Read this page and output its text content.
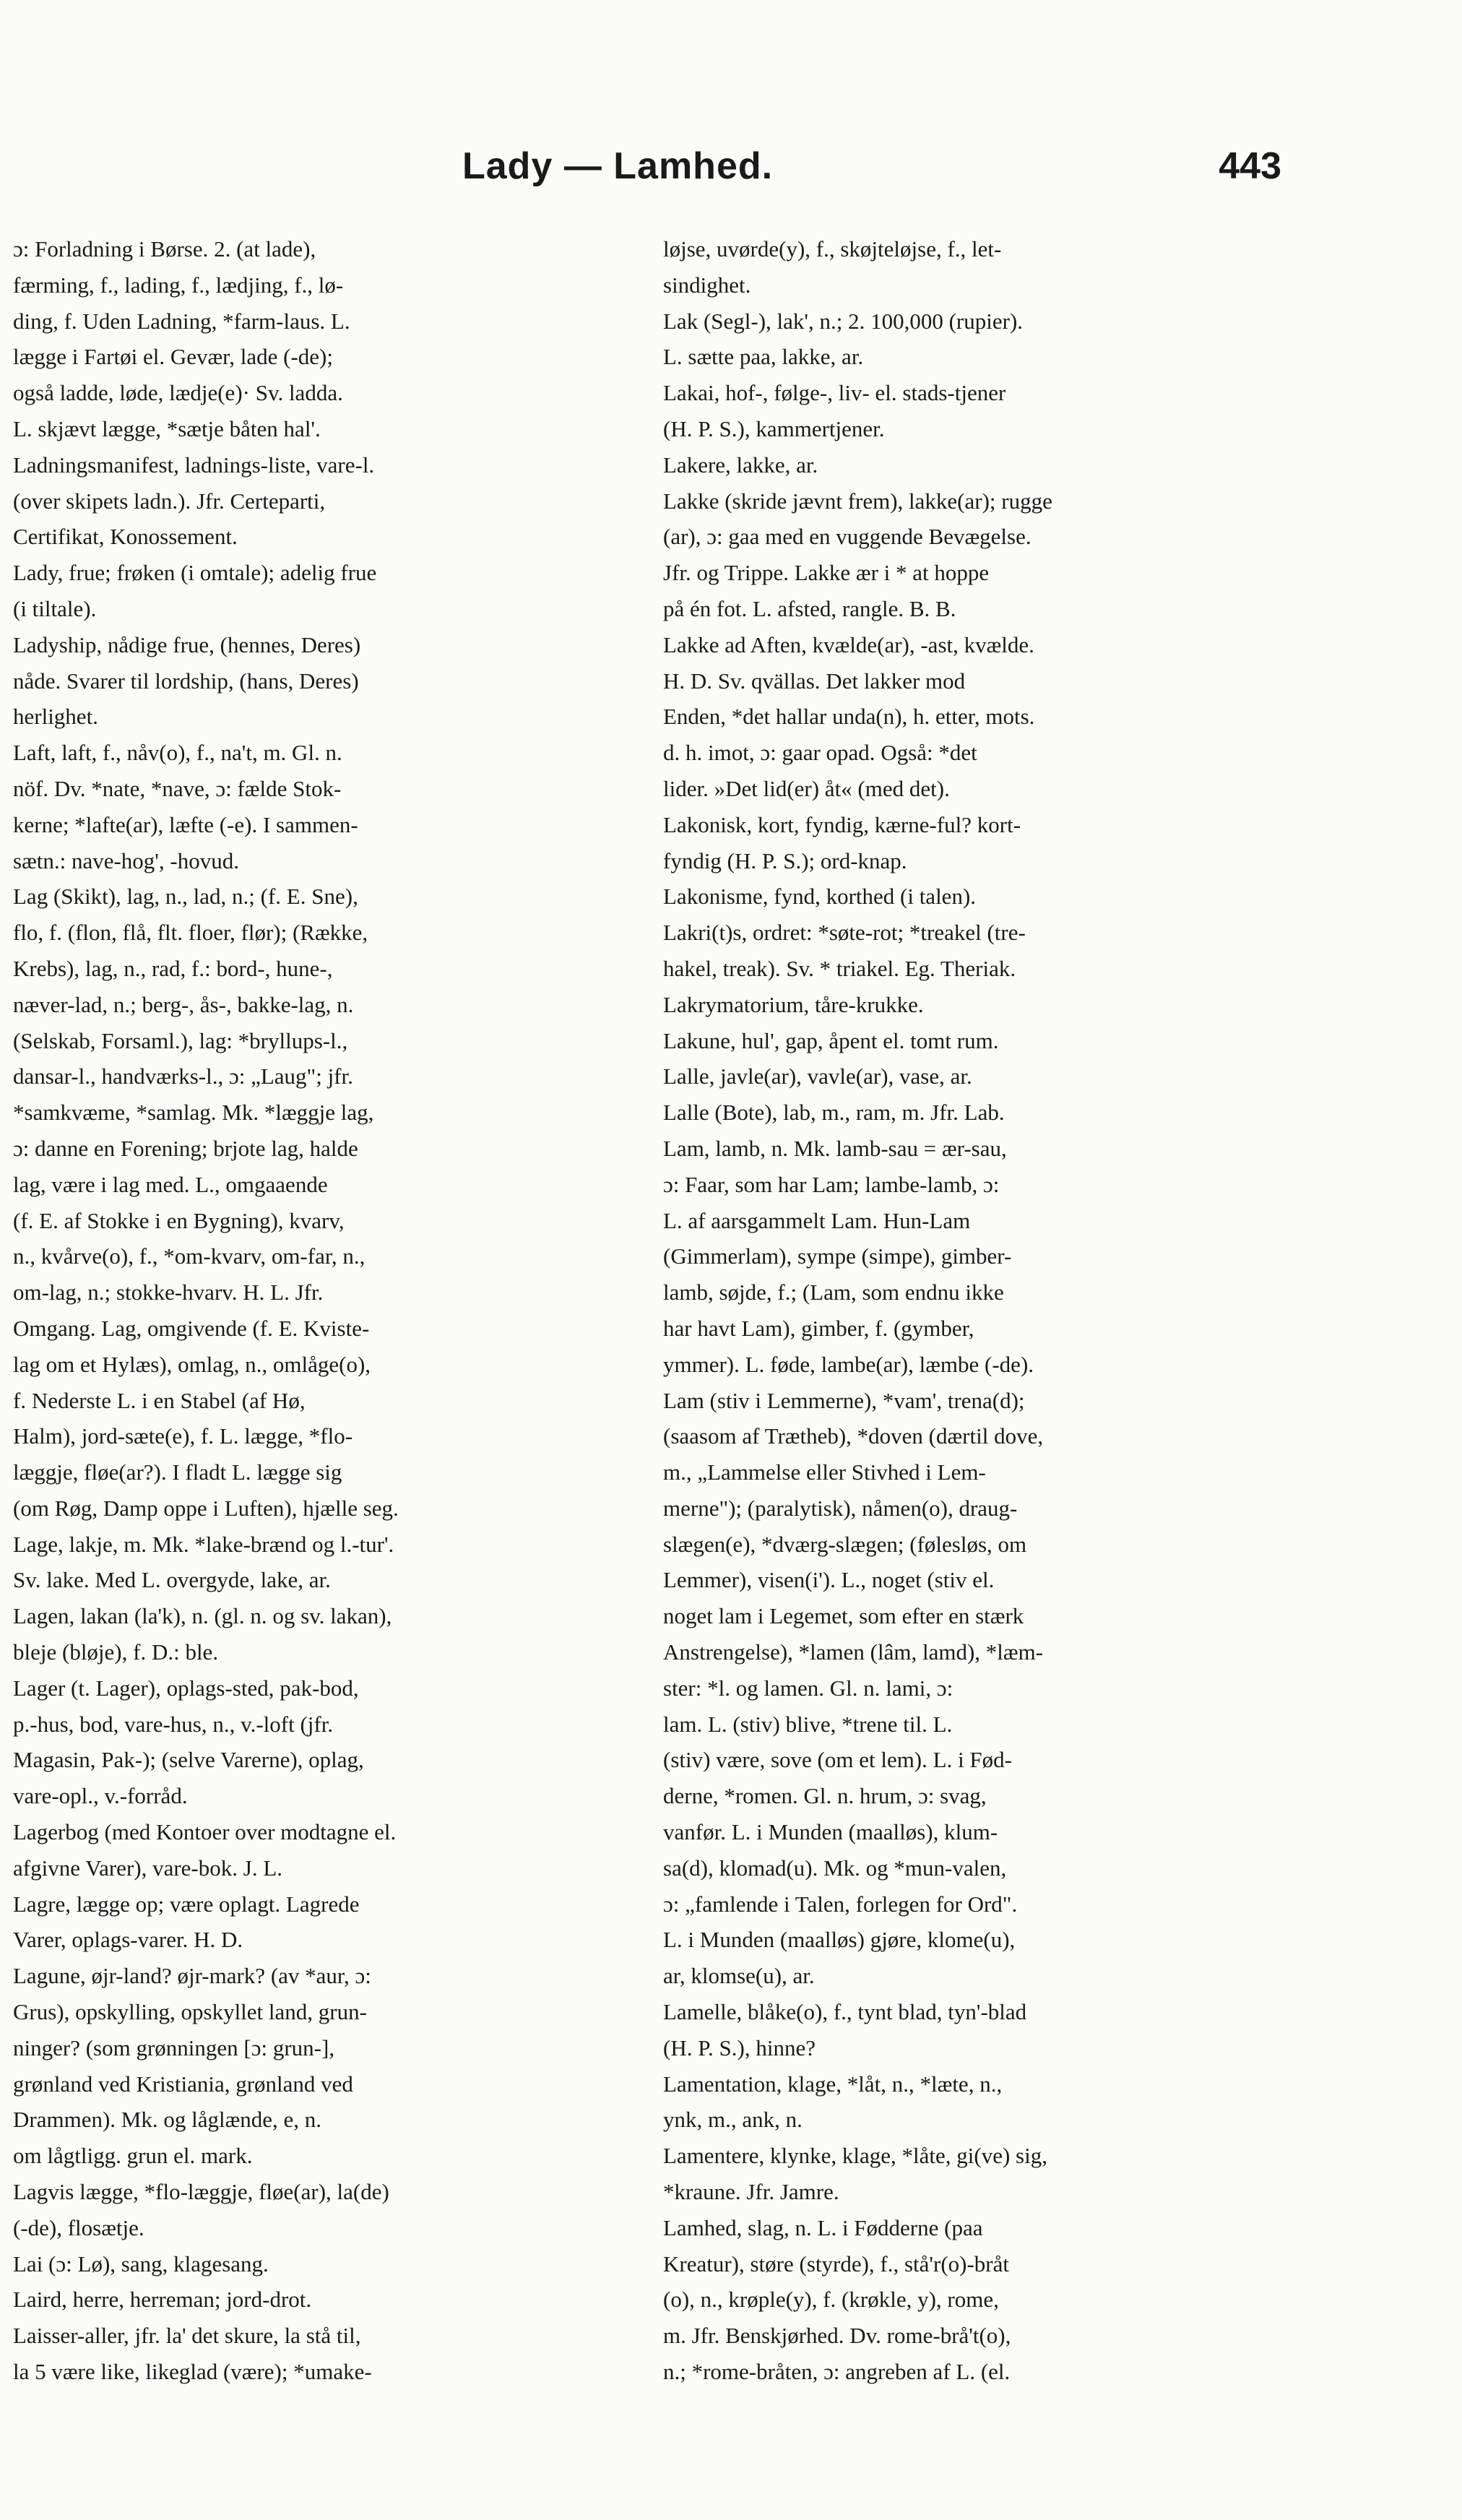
Lady — Lamhed.	443
ɔ: Forladning i Børse. 2. (at lade),
færming, f., lading, f., lædjing, f., lø-
ding, f. Uden Ladning, *farm-laus. L.
lægge i Fartøi el. Gevær, lade (-de);
også ladde, løde, lædje(e)· Sv. ladda.
L. skjævt lægge, *sætje båten hal'.
Ladningsmanifest, ladnings-liste, vare-l.
(over skipets ladn.). Jfr. Certeparti,
Certifikat, Konossement.
Lady, frue; frøken (i omtale); adelig frue
(i tiltale).
Ladyship, nådige frue, (hennes, Deres)
nåde. Svarer til lordship, (hans, Deres)
herlighet.
Laft, laft, f., nåv(o), f., na't, m. Gl. n.
nöf. Dv. *nate, *nave, ɔ: fælde Stok-
kerne; *lafte(ar), læfte (-e). I sammen-
sætn.: nave-hog', -hovud.
Lag (Skikt), lag, n., lad, n.; (f. E. Sne),
flo, f. (flon, flå, flt. floer, flør); (Række,
Krebs), lag, n., rad, f.: bord-, hune-,
næver-lad, n.; berg-, ås-, bakke-lag, n.
(Selskab, Forsaml.), lag: *bryllups-l.,
dansar-l., handværks-l., ɔ: „Laug"; jfr.
*samkvæme, *samlag. Mk. *læggje lag,
ɔ: danne en Forening; brjote lag, halde
lag, være i lag med. L., omgaaende
(f. E. af Stokke i en Bygning), kvarv,
n., kvårve(o), f., *om-kvarv, om-far, n.,
om-lag, n.; stokke-hvarv. H. L. Jfr.
Omgang. Lag, omgivende (f. E. Kviste-
lag om et Hylæs), omlag, n., omlåge(o),
f. Nederste L. i en Stabel (af Hø,
Halm), jord-sæte(e), f. L. lægge, *flo-
læggje, fløe(ar?). I fladt L. lægge sig
(om Røg, Damp oppe i Luften), hjælle seg.
Lage, lakje, m. Mk. *lake-brænd og l.-tur'.
Sv. lake. Med L. overgyde, lake, ar.
Lagen, lakan (la'k), n. (gl. n. og sv. lakan),
bleje (bløje), f. D.: ble.
Lager (t. Lager), oplags-sted, pak-bod,
p.-hus, bod, vare-hus, n., v.-loft (jfr.
Magasin, Pak-); (selve Varerne), oplag,
vare-opl., v.-forråd.
Lagerbog (med Kontoer over modtagne el.
afgivne Varer), vare-bok. J. L.
Lagre, lægge op; være oplagt. Lagrede
Varer, oplags-varer. H. D.
Lagune, øjr-land? øjr-mark? (av *aur, ɔ:
Grus), opskylling, opskyllet land, grun-
ninger? (som grønningen [ɔ: grun-],
grønland ved Kristiania, grønland ved
Drammen). Mk. og låglænde, e, n.
om lågtligg. grun el. mark.
Lagvis lægge, *flo-læggje, fløe(ar), la(de)
(-de), flosætje.
Lai (ɔ: Lø), sang, klagesang.
Laird, herre, herreman; jord-drot.
Laisser-aller, jfr. la' det skure, la stå til,
la 5 være like, likeglad (være); *umake-
løjse, uvørde(y), f., skøjteløjse, f., let-
sindighet.
Lak (Segl-), lak', n.; 2. 100,000 (rupier).
L. sætte paa, lakke, ar.
Lakai, hof-, følge-, liv- el. stads-tjener
(H. P. S.), kammertjener.
Lakere, lakke, ar.
Lakke (skride jævnt frem), lakke(ar); rugge
(ar), ɔ: gaa med en vuggende Bevægelse.
Jfr. og Trippe. Lakke ær i * at hoppe
på én fot. L. afsted, rangle. B. B.
Lakke ad Aften, kvælde(ar), -ast, kvælde.
H. D. Sv. qvällas. Det lakker mod
Enden, *det hallar unda(n), h. etter, mots.
d. h. imot, ɔ: gaar opad. Også: *det
lider. »Det lid(er) åt« (med det).
Lakonisk, kort, fyndig, kærne-ful? kort-
fyndig (H. P. S.); ord-knap.
Lakonisme, fynd, korthed (i talen).
Lakri(t)s, ordret: *søte-rot; *treakel (tre-
hakel, treak). Sv. * triakel. Eg. Theriak.
Lakrymatorium, tåre-krukke.
Lakune, hul', gap, åpent el. tomt rum.
Lalle, javle(ar), vavle(ar), vase, ar.
Lalle (Bote), lab, m., ram, m. Jfr. Lab.
Lam, lamb, n. Mk. lamb-sau = ær-sau,
ɔ: Faar, som har Lam; lambe-lamb, ɔ:
L. af aarsgammelt Lam. Hun-Lam
(Gimmerlam), sympe (simpe), gimber-
lamb, søjde, f.; (Lam, som endnu ikke
har havt Lam), gimber, f. (gymber,
ymmer). L. føde, lambe(ar), læmbe (-de).
Lam (stiv i Lemmerne), *vam', trena(d);
(saasom af Trætheb), *doven (dærtil dove,
m., „Lammelse eller Stivhed i Lem-
merne"); (paralytisk), nåmen(o), draug-
slægen(e), *dværg-slægen; (følesløs, om
Lemmer), visen(i'). L., noget (stiv el.
noget lam i Legemet, som efter en stærk
Anstrengelse), *lamen (lâm, lamd), *læm-
ster: *l. og lamen. Gl. n. lami, ɔ:
lam. L. (stiv) blive, *trene til. L.
(stiv) være, sove (om et lem). L. i Fød-
derne, *romen. Gl. n. hrum, ɔ: svag,
vanfør. L. i Munden (maalløs), klum-
sa(d), klomad(u). Mk. og *mun-valen,
ɔ: „famlende i Talen, forlegen for Ord".
L. i Munden (maalløs) gjøre, klome(u),
ar, klomse(u), ar.
Lamelle, blåke(o), f., tynt blad, tyn'-blad
(H. P. S.), hinne?
Lamentation, klage, *låt, n., *læte, n.,
ynk, m., ank, n.
Lamentere, klynke, klage, *låte, gi(ve) sig,
*kraune. Jfr. Jamre.
Lamhed, slag, n. L. i Fødderne (paa
Kreatur), støre (styrde), f., stå'r(o)-bråt
(o), n., krøple(y), f. (krøkle, y), rome,
m. Jfr. Benskjørhed. Dv. rome-brå't(o),
n.; *rome-bråten, ɔ: angreben af L. (el.
